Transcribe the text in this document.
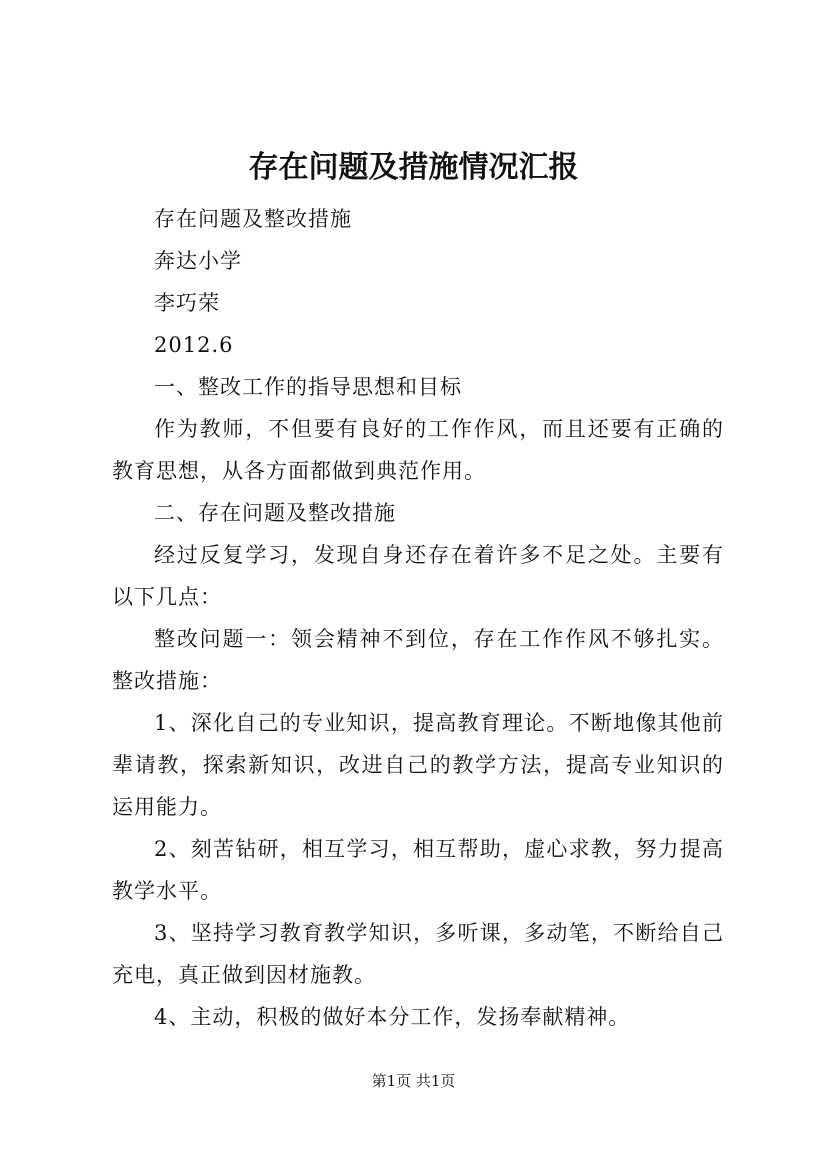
存在问题及措施情况汇报

存在问题及整改措施

奔达小学

李巧荣

2012.6

一、整改工作的指导思想和目标

作为教师，不但要有良好的工作作风，而且还要有正确的教育思想，从各方面都做到典范作用。

二、存在问题及整改措施

经过反复学习，发现自身还存在着许多不足之处。主要有以下几点：

整改问题一：领会精神不到位，存在工作作风不够扎实。整改措施：

1、深化自己的专业知识，提高教育理论。不断地像其他前辈请教，探索新知识，改进自己的教学方法，提高专业知识的运用能力。

2、刻苦钻研，相互学习，相互帮助，虚心求教，努力提高教学水平。

3、坚持学习教育教学知识，多听课，多动笔，不断给自己充电，真正做到因材施教。

4、主动，积极的做好本分工作，发扬奉献精神。

第1页 共1页
